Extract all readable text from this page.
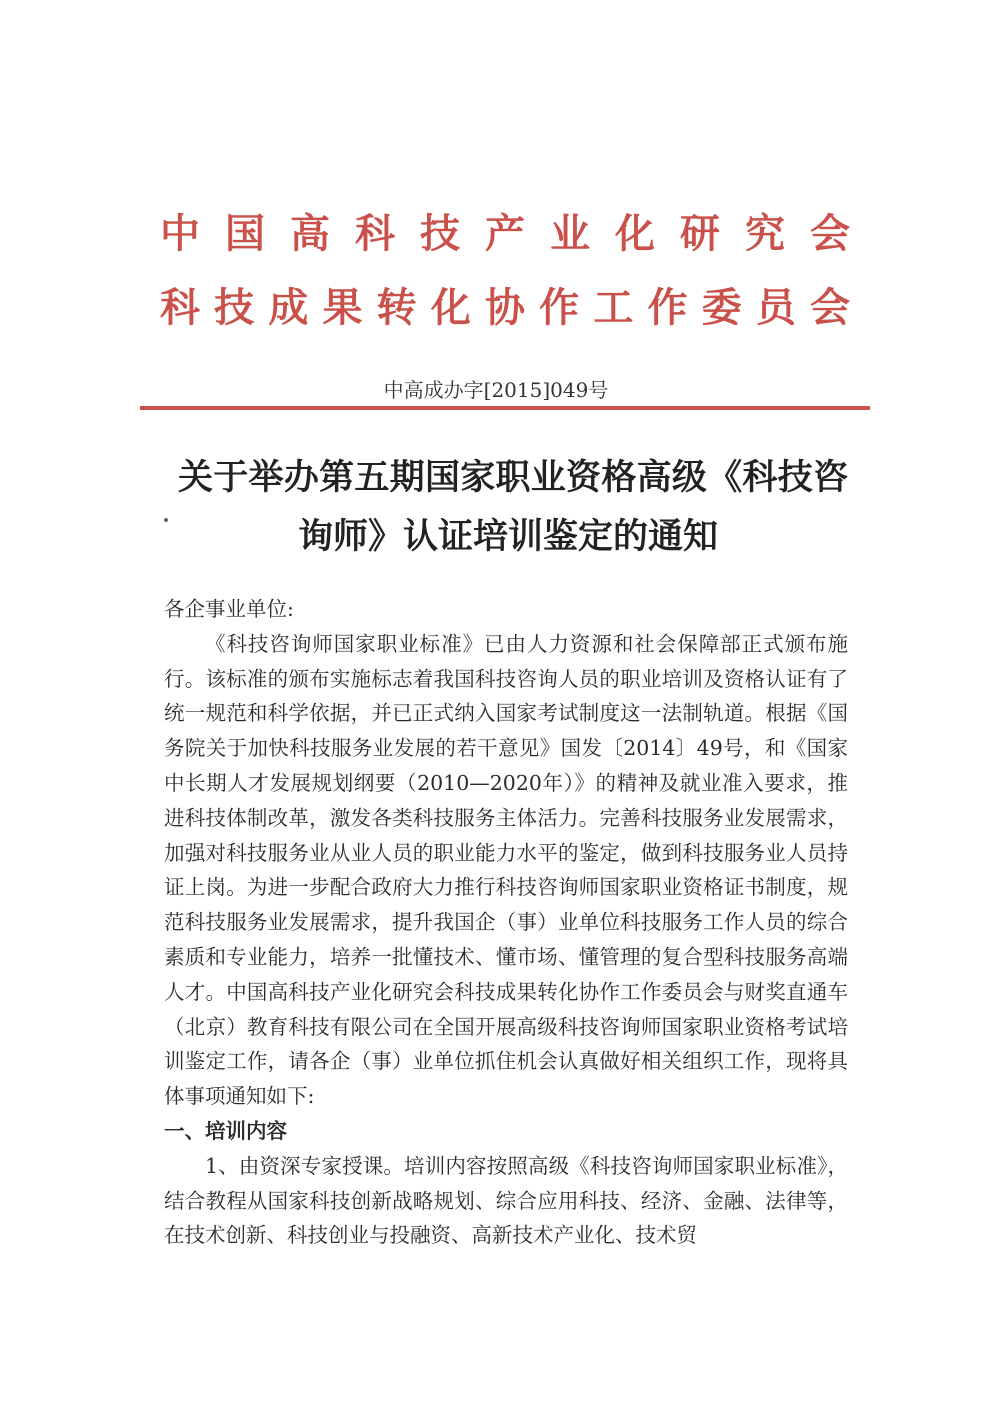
中国高科技产业化研究会
科技成果转化协作工作委员会
中高成办字[2015]049号
关于举办第五期国家职业资格高级《科技咨
询师》认证培训鉴定的通知

各企事业单位:

《科技咨询师国家职业标准》已由人力资源和社会保障部正式颁布施行。该标准的颁布实施标志着我国科技咨询人员的职业培训及资格认证有了统一规范和科学依据，并已正式纳入国家考试制度这一法制轨道。根据《国务院关于加快科技服务业发展的若干意见》国发〔2014〕49号，和《国家中长期人才发展规划纲要（2010—2020年）》的精神及就业准入要求，推进科技体制改革，激发各类科技服务主体活力。完善科技服务业发展需求，加强对科技服务业从业人员的职业能力水平的鉴定，做到科技服务业人员持证上岗。为进一步配合政府大力推行科技咨询师国家职业资格证书制度，规范科技服务业发展需求，提升我国企（事）业单位科技服务工作人员的综合素质和专业能力，培养一批懂技术、懂市场、懂管理的复合型科技服务高端人才。中国高科技产业化研究会科技成果转化协作工作委员会与财奖直通车（北京）教育科技有限公司在全国开展高级科技咨询师国家职业资格考试培训鉴定工作，请各企（事）业单位抓住机会认真做好相关组织工作，现将具体事项通知如下:

一、培训内容

1、由资深专家授课。培训内容按照高级《科技咨询师国家职业标准》，结合教程从国家科技创新战略规划、综合应用科技、经济、金融、法律等，在技术创新、科技创业与投融资、高新技术产业化、技术贸
